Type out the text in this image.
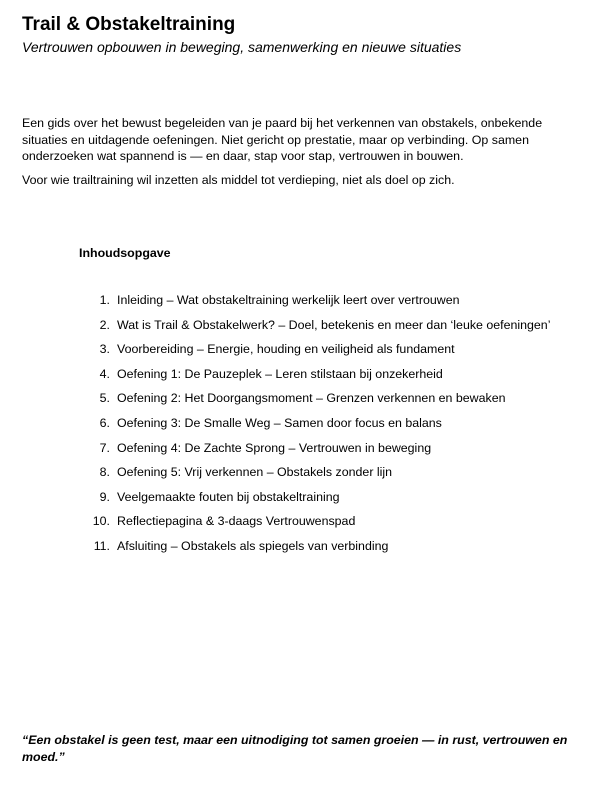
Trail & Obstakeltraining

Vertrouwen opbouwen in beweging, samenwerking en nieuwe situaties

Een gids over het bewust begeleiden van je paard bij het verkennen van obstakels, onbekende situaties en uitdagende oefeningen. Niet gericht op prestatie, maar op verbinding. Op samen onderzoeken wat spannend is — en daar, stap voor stap, vertrouwen in bouwen.

Voor wie trailtraining wil inzetten als middel tot verdieping, niet als doel op zich.

Inhoudsopgave
1. Inleiding – Wat obstakeltraining werkelijk leert over vertrouwen
2. Wat is Trail & Obstakelwerk? – Doel, betekenis en meer dan ‘leuke oefeningen’
3. Voorbereiding – Energie, houding en veiligheid als fundament
4. Oefening 1: De Pauzeplek – Leren stilstaan bij onzekerheid
5. Oefening 2: Het Doorgangsmoment – Grenzen verkennen en bewaken
6. Oefening 3: De Smalle Weg – Samen door focus en balans
7. Oefening 4: De Zachte Sprong – Vertrouwen in beweging
8. Oefening 5: Vrij verkennen – Obstakels zonder lijn
9. Veelgemaakte fouten bij obstakeltraining
10. Reflectiepagina & 3-daags Vertrouwenspad
11. Afsluiting – Obstakels als spiegels van verbinding

“Een obstakel is geen test, maar een uitnodiging tot samen groeien — in rust, vertrouwen en moed.”
